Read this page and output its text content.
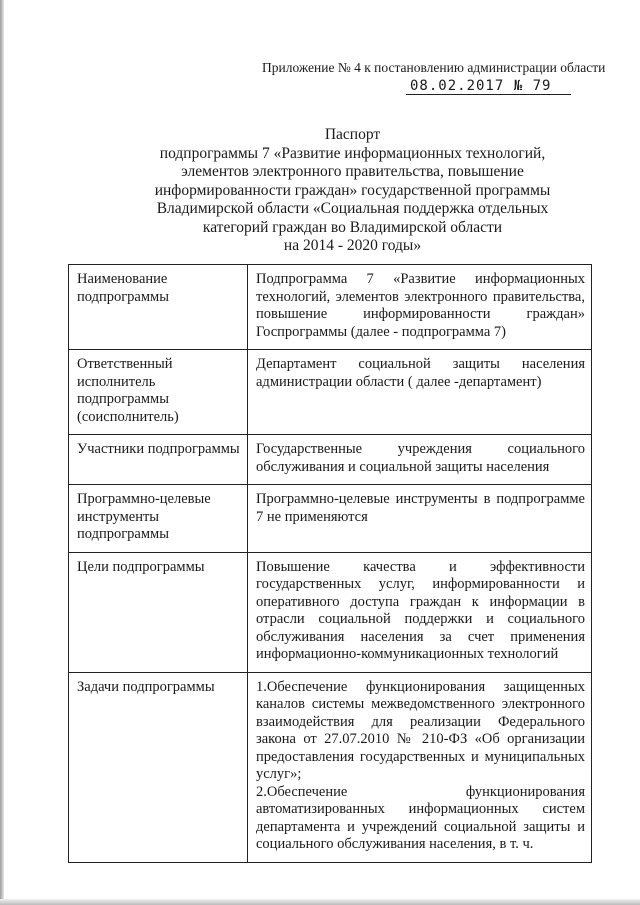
Приложение № 4 к постановлению администрации области
08.02.2017 № 79
Паспорт
подпрограммы 7 «Развитие информационных технологий,
элементов электронного правительства, повышение
информированности граждан» государственной программы
Владимирской области «Социальная поддержка отдельных
категорий граждан во Владимирской области
на 2014 - 2020 годы»
Наименование подпрограммы	Подпрограмма 7 «Развитие информационных технологий, элементов электронного правительства, повышение информированности граждан» Госпрограммы (далее - подпрограмма 7)
Ответственный исполнитель подпрограммы (соисполнитель)	Департамент социальной защиты населения администрации области ( далее -департамент)
Участники подпрограммы	Государственные учреждения социального обслуживания и социальной защиты населения
Программно-целевые инструменты подпрограммы	Программно-целевые инструменты в подпрограмме 7 не применяются
Цели подпрограммы	Повышение качества и эффективности государственных услуг, информированности и оперативного доступа граждан к информации в отрасли социальной поддержки и социального обслуживания населения за счет применения информационно-коммуникационных технологий
Задачи подпрограммы	1.Обеспечение функционирования защищенных каналов системы межведомственного электронного взаимодействия для реализации Федерального закона от 27.07.2010 № 210-ФЗ «Об организации предоставления государственных и муниципальных услуг»;
2.Обеспечение функционирования автоматизированных информационных систем департамента и учреждений социальной защиты и социального обслуживания населения, в т. ч.
